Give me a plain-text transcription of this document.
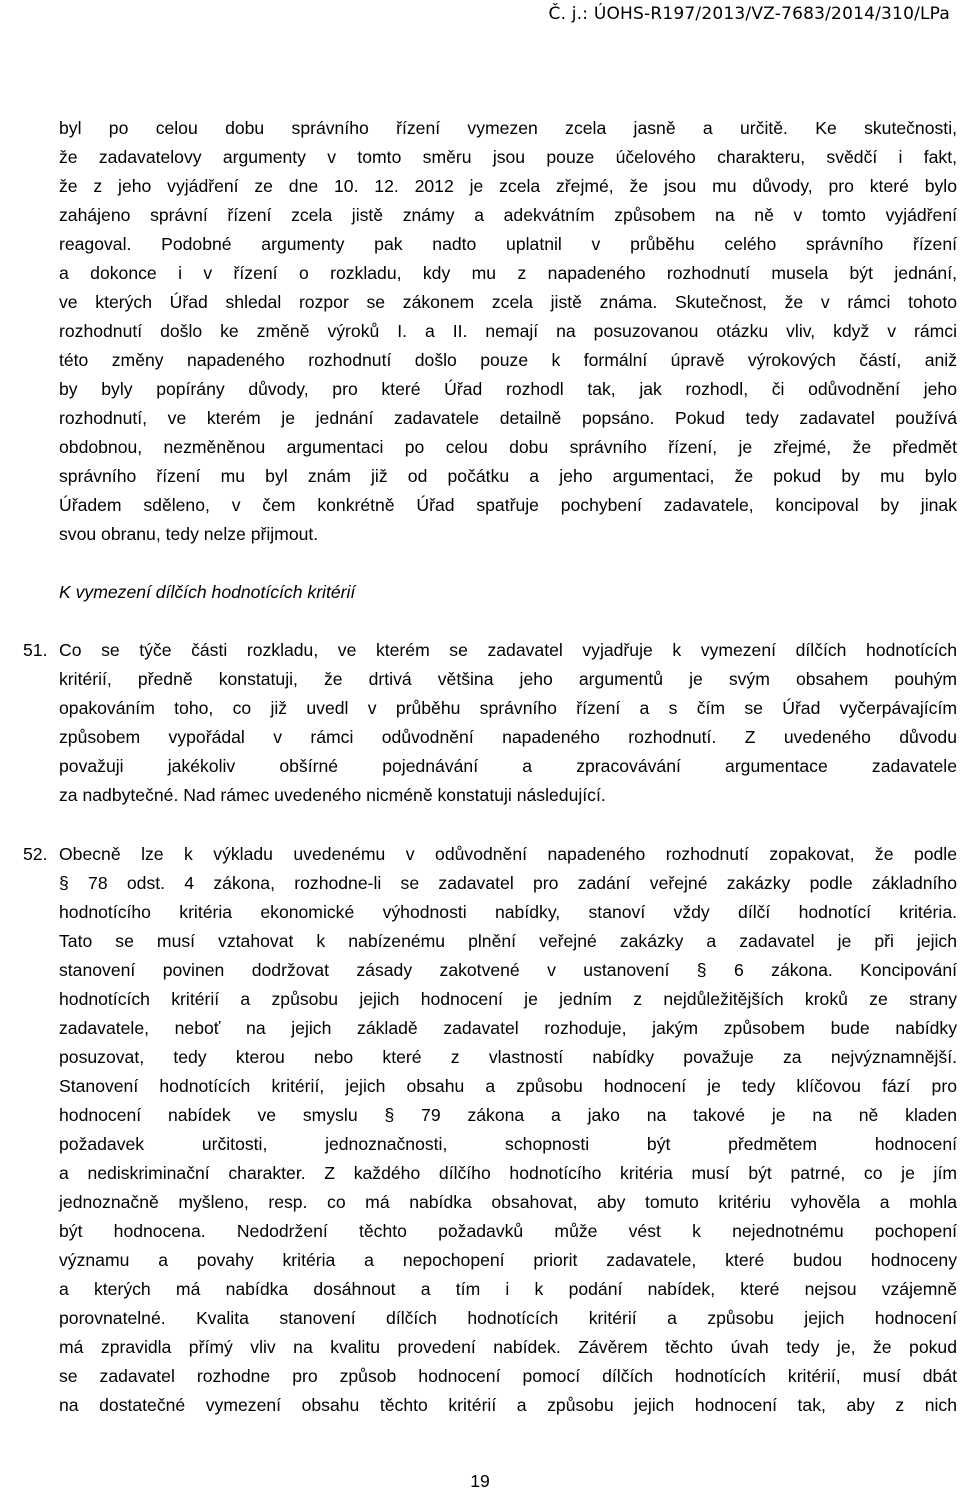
Č. j.: ÚOHS-R197/2013/VZ-7683/2014/310/LPa
byl po celou dobu správního řízení vymezen zcela jasně a určitě. Ke skutečnosti,
že zadavatelovy argumenty v tomto směru jsou pouze účelového charakteru, svědčí i fakt,
že z jeho vyjádření ze dne 10. 12. 2012 je zcela zřejmé, že jsou mu důvody, pro které bylo
zahájeno správní řízení zcela jistě známy a adekvátním způsobem na ně v tomto vyjádření
reagoval. Podobné argumenty pak nadto uplatnil v průběhu celého správního řízení
a dokonce i v řízení o rozkladu, kdy mu z napadeného rozhodnutí musela být jednání,
ve kterých Úřad shledal rozpor se zákonem zcela jistě známa. Skutečnost, že v rámci tohoto
rozhodnutí došlo ke změně výroků I. a II. nemají na posuzovanou otázku vliv, když v rámci
této změny napadeného rozhodnutí došlo pouze k formální úpravě výrokových částí, aniž
by byly popírány důvody, pro které Úřad rozhodl tak, jak rozhodl, či odůvodnění jeho
rozhodnutí, ve kterém je jednání zadavatele detailně popsáno. Pokud tedy zadavatel používá
obdobnou, nezměněnou argumentaci po celou dobu správního řízení, je zřejmé, že předmět
správního řízení mu byl znám již od počátku a jeho argumentaci, že pokud by mu bylo
Úřadem sděleno, v čem konkrétně Úřad spatřuje pochybení zadavatele, koncipoval by jinak
svou obranu, tedy nelze přijmout.
K vymezení dílčích hodnotících kritérií
51. Co se týče části rozkladu, ve kterém se zadavatel vyjadřuje k vymezení dílčích hodnotících
kritérií, předně konstatuji, že drtivá většina jeho argumentů je svým obsahem pouhým
opakováním toho, co již uvedl v průběhu správního řízení a s čím se Úřad vyčerpávajícím
způsobem vypořádal v rámci odůvodnění napadeného rozhodnutí. Z uvedeného důvodu
považuji jakékoliv obšírné pojednávání a zpracovávání argumentace zadavatele
za nadbytečné. Nad rámec uvedeného nicméně konstatuji následující.
52. Obecně lze k výkladu uvedenému v odůvodnění napadeného rozhodnutí zopakovat, že podle
§ 78 odst. 4 zákona, rozhodne-li se zadavatel pro zadání veřejné zakázky podle základního
hodnotícího kritéria ekonomické výhodnosti nabídky, stanoví vždy dílčí hodnotící kritéria.
Tato se musí vztahovat k nabízenému plnění veřejné zakázky a zadavatel je při jejich
stanovení povinen dodržovat zásady zakotvené v ustanovení § 6 zákona. Koncipování
hodnotících kritérií a způsobu jejich hodnocení je jedním z nejdůležitějších kroků ze strany
zadavatele, neboť na jejich základě zadavatel rozhoduje, jakým způsobem bude nabídky
posuzovat, tedy kterou nebo které z vlastností nabídky považuje za nejvýznamnější.
Stanovení hodnotících kritérií, jejich obsahu a způsobu hodnocení je tedy klíčovou fází pro
hodnocení nabídek ve smyslu § 79 zákona a jako na takové je na ně kladen
požadavek určitosti, jednoznačnosti, schopnosti být předmětem hodnocení
a nediskriminační charakter. Z každého dílčího hodnotícího kritéria musí být patrné, co je jím
jednoznačně myšleno, resp. co má nabídka obsahovat, aby tomuto kritériu vyhověla a mohla
být hodnocena. Nedodržení těchto požadavků může vést k nejednotnému pochopení
významu a povahy kritéria a nepochopení priorit zadavatele, které budou hodnoceny
a kterých má nabídka dosáhnout a tím i k podání nabídek, které nejsou vzájemně
porovnatelné. Kvalita stanovení dílčích hodnotících kritérií a způsobu jejich hodnocení
má zpravidla přímý vliv na kvalitu provedení nabídek. Závěrem těchto úvah tedy je, že pokud
se zadavatel rozhodne pro způsob hodnocení pomocí dílčích hodnotících kritérií, musí dbát
na dostatečné vymezení obsahu těchto kritérií a způsobu jejich hodnocení tak, aby z nich
19
